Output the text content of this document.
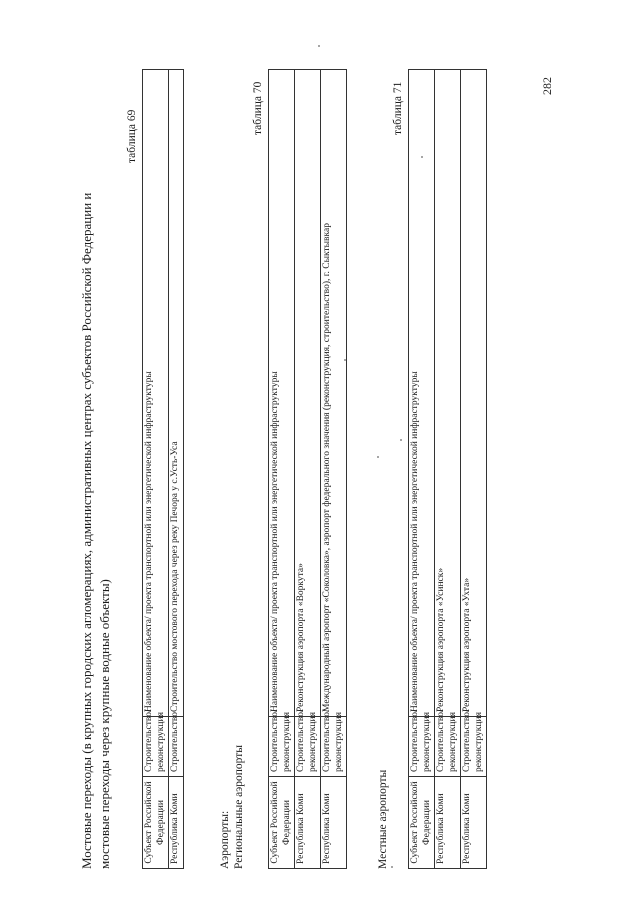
282
Мостовые переходы (в крупных городских агломерациях, административных центрах субъектов Российской Федерации и мостовые переходы через крупные водные объекты)
таблица 69
Субъект Российской Федерации	Строительство/ реконструкция	Наименование объекта/ проекта транспортной или энергетической инфраструктуры
Республика Коми	Строительство	Строительство мостового перехода через реку Печора у с.Усть-Уса
Аэропорты: Региональные аэропорты
таблица 70
Субъект Российской Федерации	Строительство/ реконструкция	Наименование объекта/ проекта транспортной или энергетической инфраструктуры
Республика Коми	Строительство/ реконструкция	Реконструкция аэропорта «Воркута»
Республика Коми	Строительство/ реконструкция	Международный аэропорт «Соколовка», аэропорт федерального значения (реконструкция, строительство), г. Сыктывкар
Местные аэропорты
таблица 71
Субъект Российской Федерации	Строительство/ реконструкция	Наименование объекта/ проекта транспортной или энергетической инфраструктуры
Республика Коми	Строительство/ реконструкция	Реконструкция аэропорта «Усинск»
Республика Коми	Строительство/ реконструкция	Реконструкция аэропорта «Ухта»
